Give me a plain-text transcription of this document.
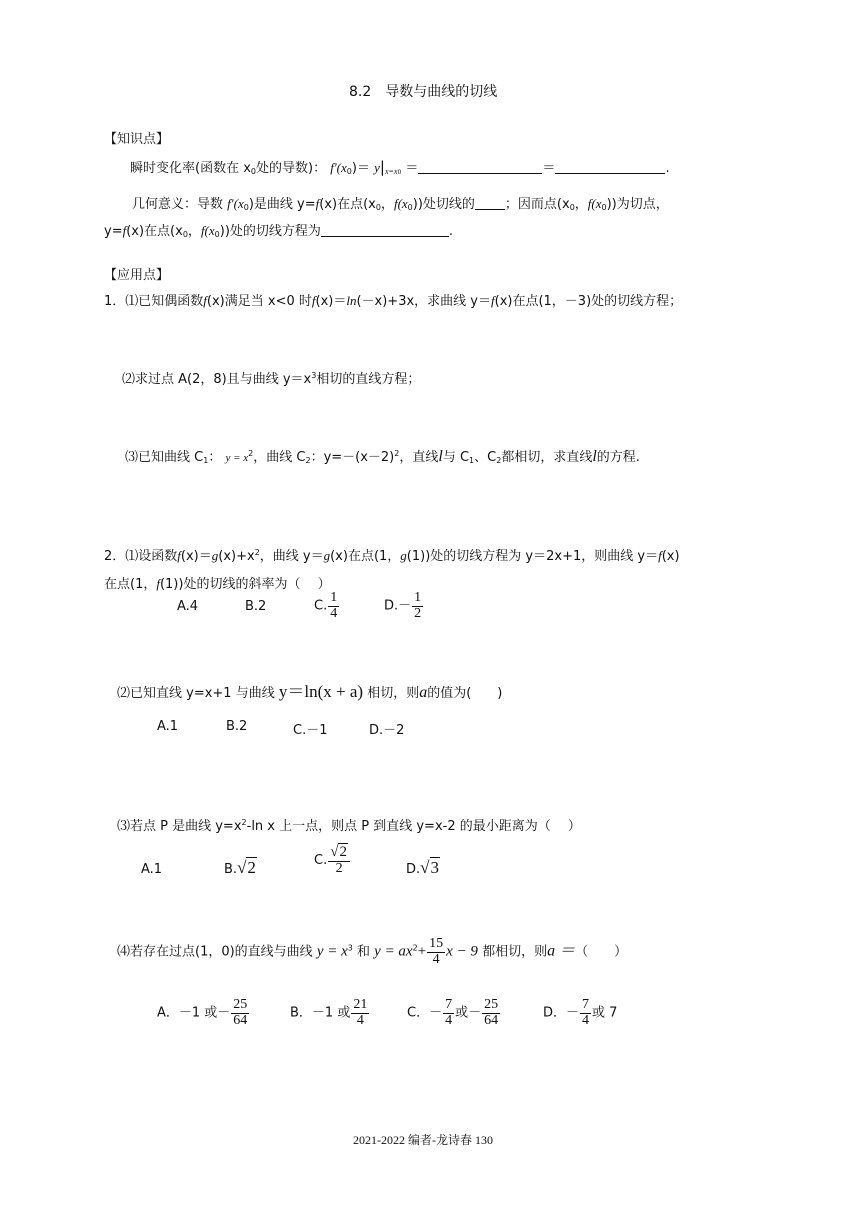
8.2　导数与曲线的切线
【知识点】
瞬时变化率(函数在 $x_0$处的导数)： $f'(x_0)= y|_{x=x0}$ ＝	＝	.
几何意义：导数 $f'(x_0)$是曲线 y=f(x)在点($x_0$，$f(x_0)$)处切线的 ；因而点($x_0$，$f(x_0)$)为切点，
y=f(x)在点($x_0$，$f(x_0)$)处的切线方程为	.
【应用点】
1．⑴已知偶函数f(x)满足当 x<0 时f(x)＝ln(－x)+3x，求曲线 y＝f(x)在点(1，－3)处的切线方程；
⑵求过点 A(2，8)且与曲线 $y=x^3$相切的直线方程；
⑶已知曲线 $C_1$： $y = x^2$，曲线 $C_2$：$y=-(x-2)^2$，直线l与 $C_1$、$C_2$都相切，求直线l的方程.
2．⑴设函数$f(x)=g(x)+x^2$，曲线 y＝g(x)在点(1，g(1))处的切线方程为 y＝2x+1，则曲线 y＝f(x)
在点(1，f(1))处的切线的斜率为（　 ）
A.4	B.2	C. $\frac{1}{4}$	$D.- \frac{1}{2}$
⑵已知直线 y=x+1 与曲线 y＝ln(x + a) 相切，则a的值为(　　)
A.1	B.2	C.－1	D.－2
⑶若点 P 是曲线 $y=x^2-\ln$ x 上一点，则点 P 到直线 y=x-2 的最小距离为（　 ）
A.1	B.√2	C. $\frac{√2}{2}$	D.√3
⑷若存在过点(1，0)的直线与曲线 $y = x^3$ 和 $y = ax^2+ \frac{15}{4}$ x − 9 都相切，则a ＝（　　）
A．－1 或－ $\frac{25}{64}$	B．－1 或 $\frac{21}{4}$	C．－ $\frac{7}{4}$ 或－ $\frac{25}{64}$	D．－ $\frac{7}{4}$ 或 7
2021-2022 编者-龙诗春 130
